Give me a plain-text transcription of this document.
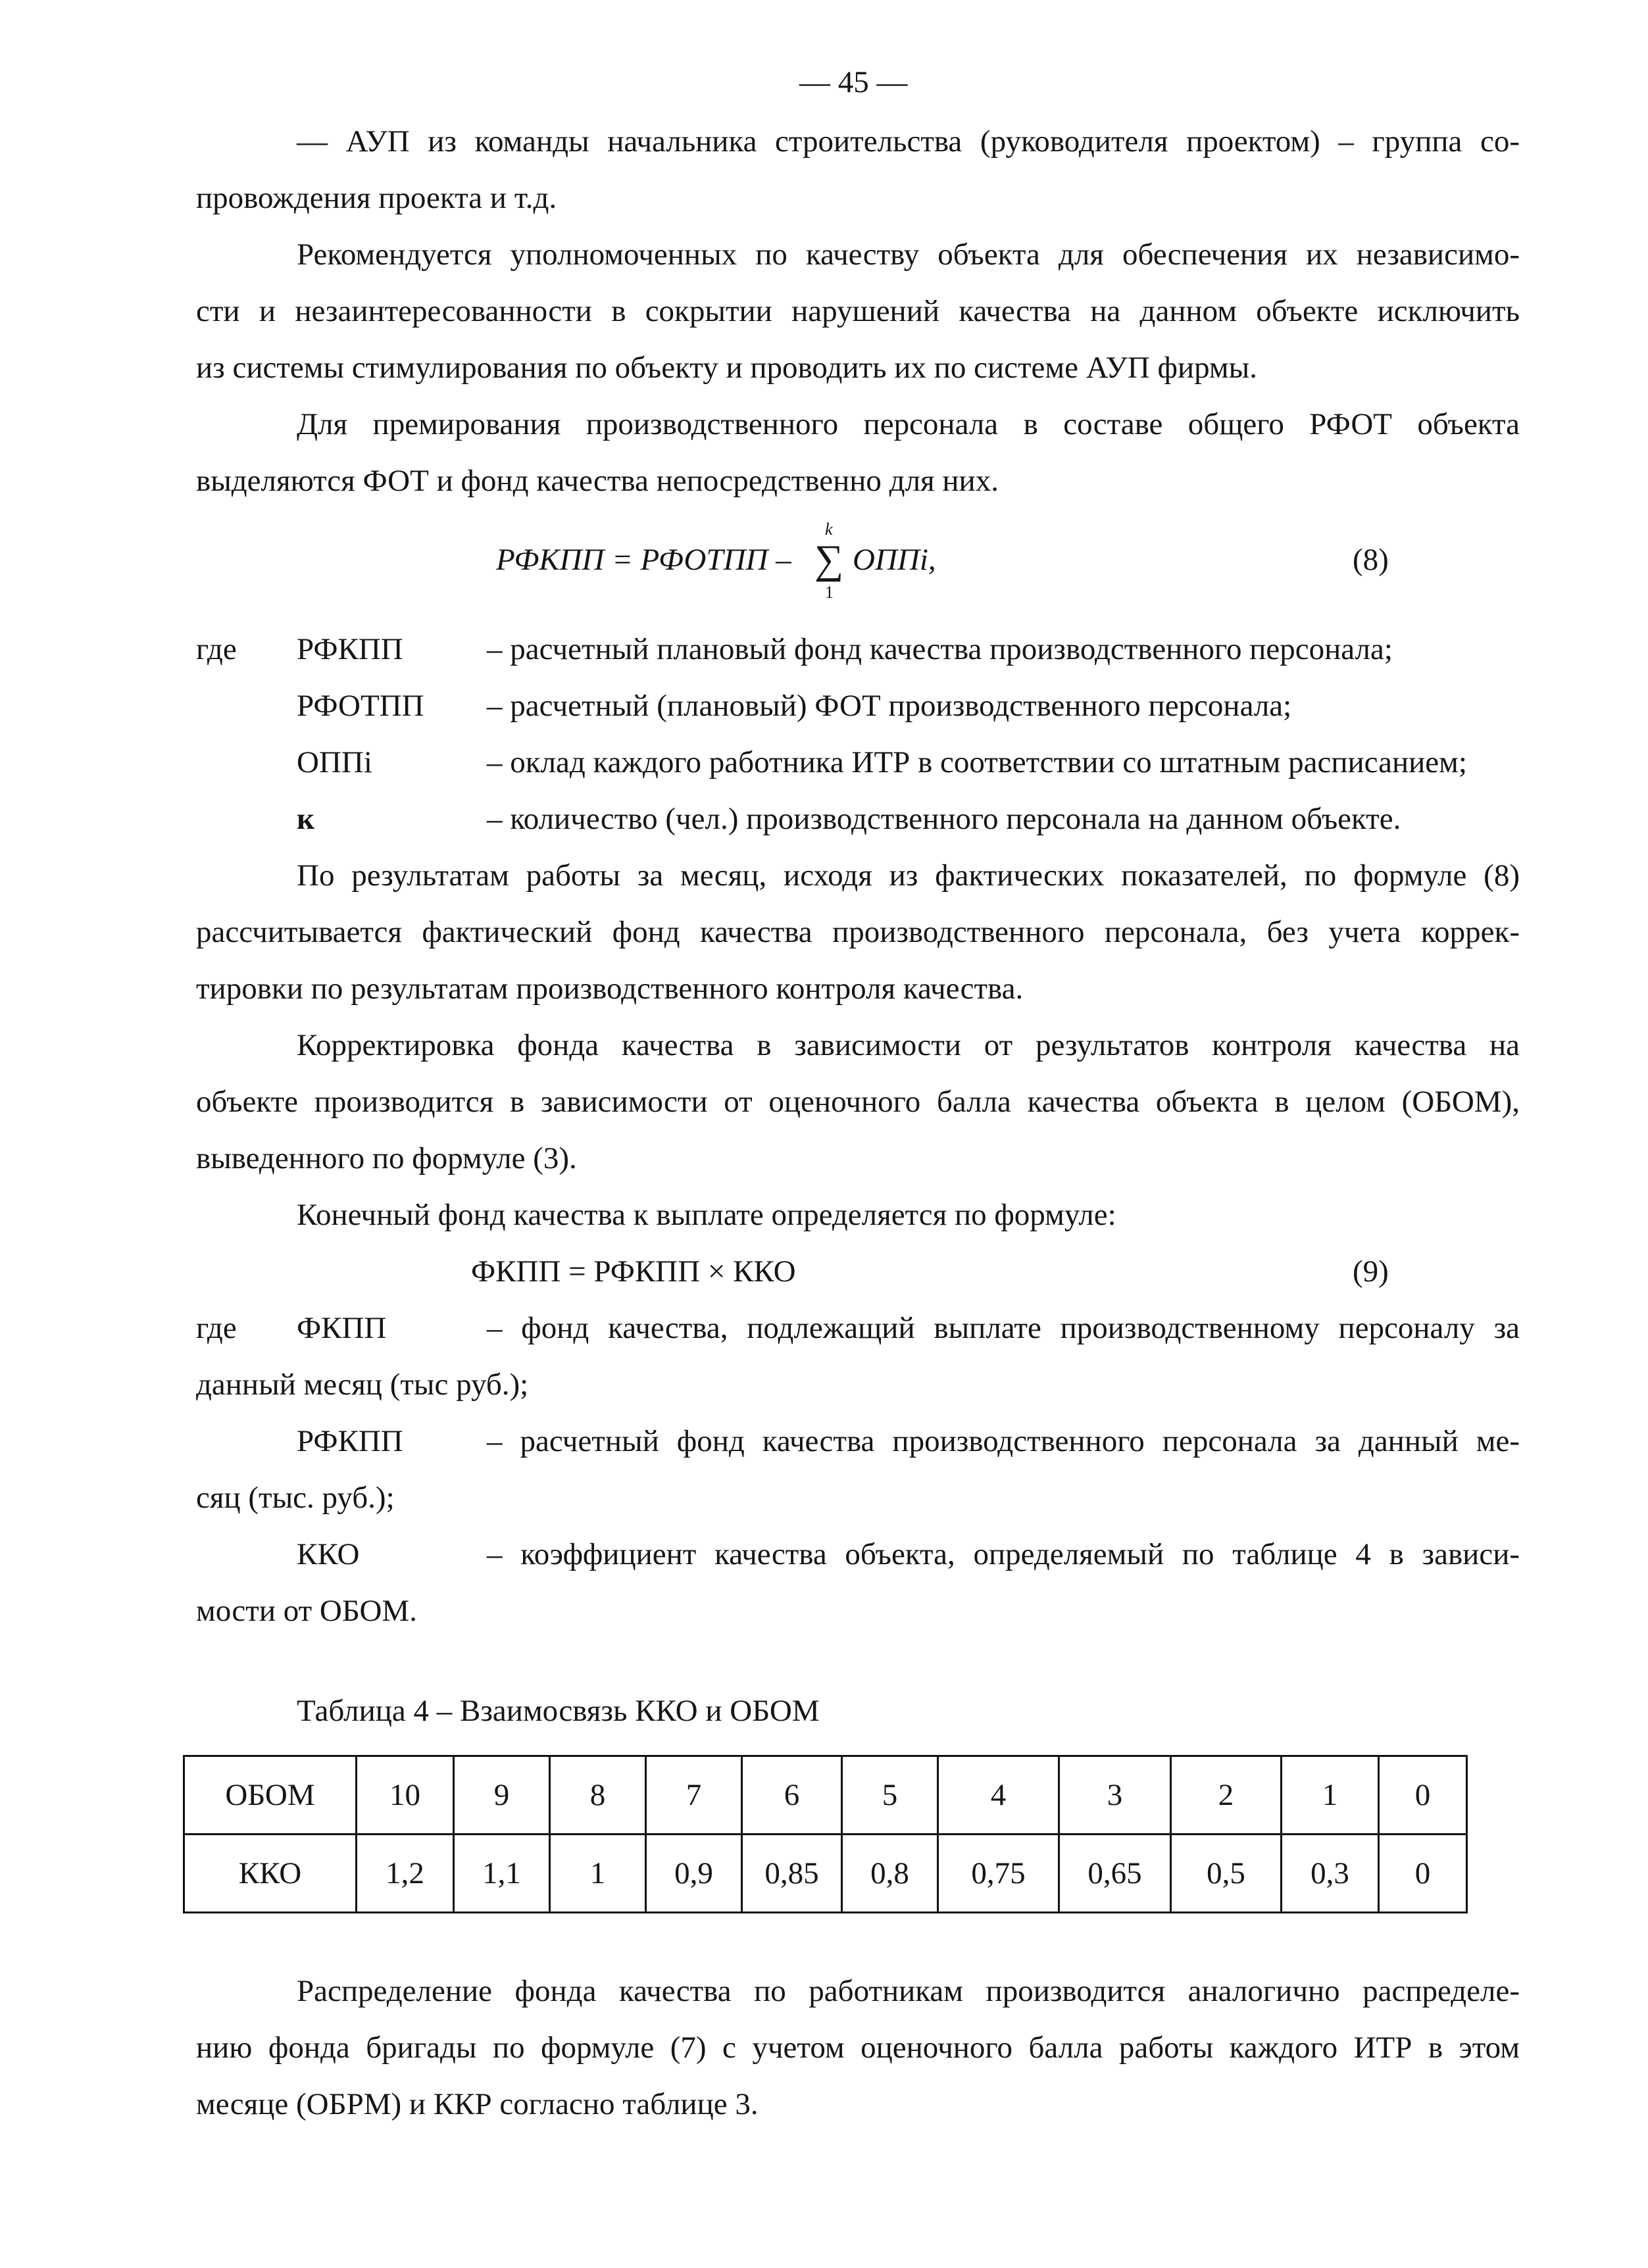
— 45 —
— АУП из команды начальника строительства (руководителя проектом) – группа со-
провождения проекта и т.д.
Рекомендуется уполномоченных по качеству объекта для обеспечения их независимо-
сти и незаинтересованности в сокрытии нарушений качества на данном объекте исключить
из системы стимулирования по объекту и проводить их по системе АУП фирмы.
Для премирования производственного персонала в составе общего РФОТ объекта
выделяются ФОТ и фонд качества непосредственно для них.
РФКПП = РФОТПП –
k
∑
1
ОППi,	(8)
где РФКПП	– расчетный плановый фонд качества производственного персонала;
РФОТПП – расчетный (плановый) ФОТ производственного персонала;
ОППi	– оклад каждого работника ИТР в соответствии со штатным расписанием;
к	– количество (чел.) производственного персонала на данном объекте.
По результатам работы за месяц, исходя из фактических показателей, по формуле (8)
рассчитывается фактический фонд качества производственного персонала, без учета коррек-
тировки по результатам производственного контроля качества.
Корректировка фонда качества в зависимости от результатов контроля качества на
объекте производится в зависимости от оценочного балла качества объекта в целом (ОБОМ),
выведенного по формуле (3).
Конечный фонд качества к выплате определяется по формуле:
ФКПП = РФКПП × ККО	(9)
где ФКПП	– фонд качества, подлежащий выплате производственному персоналу за
данный месяц (тыс руб.);
РФКПП	– расчетный фонд качества производственного персонала за данный ме-
сяц (тыс. руб.);
ККО	– коэффициент качества объекта, определяемый по таблице 4 в зависи-
мости от ОБОМ.
Таблица 4 – Взаимосвязь ККО и ОБОМ
ОБОМ	10	9	8	7	6	5	4	3	2	1	0
ККО	1,2	1,1	1	0,9	0,85	0,8	0,75	0,65	0,5	0,3	0
Распределение фонда качества по работникам производится аналогично распределе-
нию фонда бригады по формуле (7) с учетом оценочного балла работы каждого ИТР в этом
месяце (ОБРМ) и ККР согласно таблице 3.
